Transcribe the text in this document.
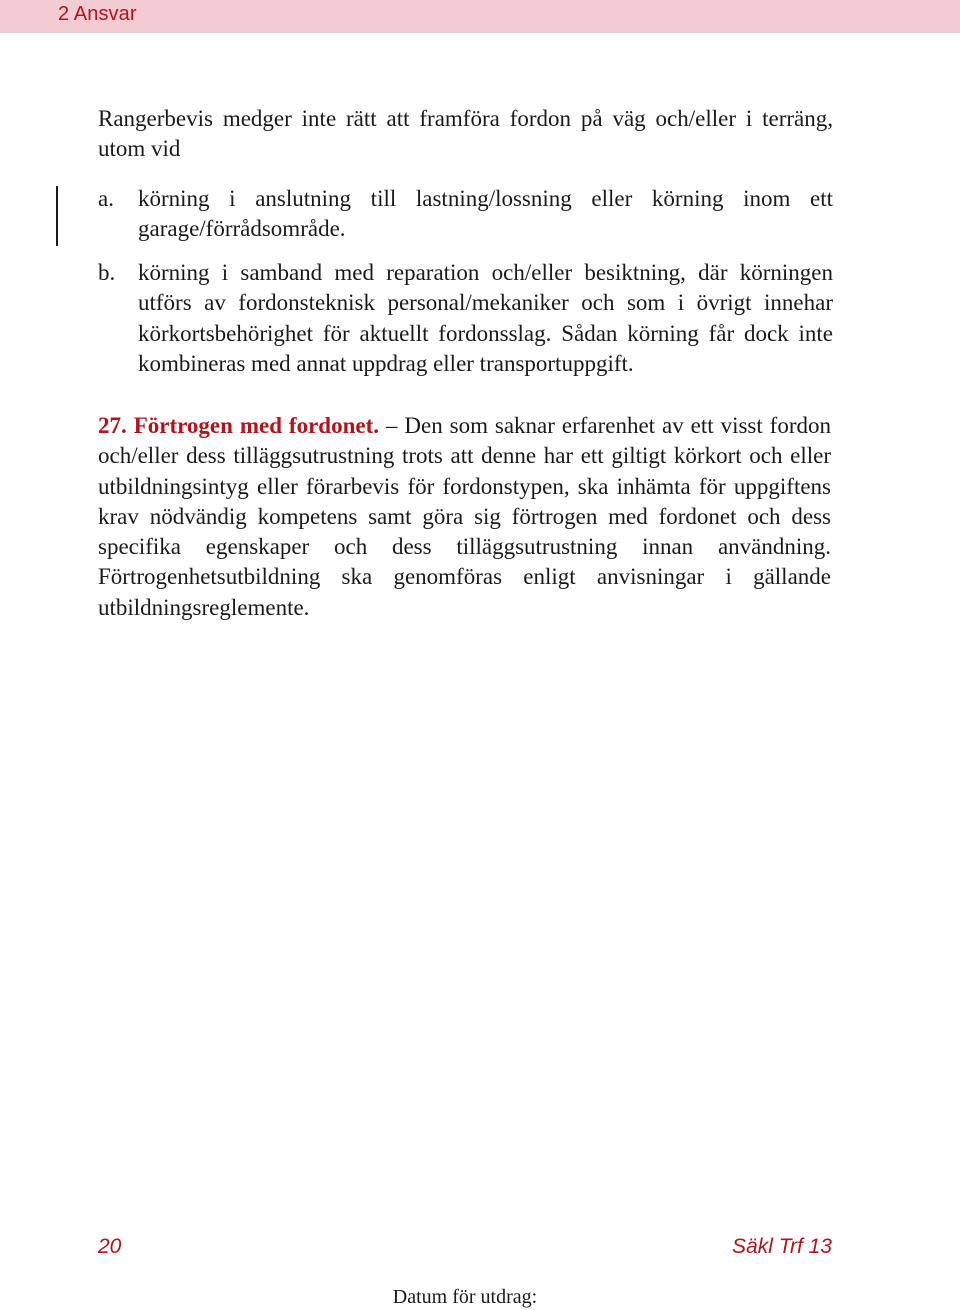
2 Ansvar

Rangerbevis medger inte rätt att framföra fordon på väg och/eller i terräng, utom vid

a.	körning i anslutning till lastning/lossning eller körning inom ett garage/förrådsområde.
b. körning i samband med reparation och/eller besiktning, där körningen utförs av fordonsteknisk personal/mekaniker och som i övrigt innehar körkortsbehörighet för aktuellt fordonsslag. Sådan körning får dock inte kombineras med annat uppdrag eller transportuppgift.

27. Förtrogen med fordonet. – Den som saknar erfarenhet av ett visst fordon och/eller dess tilläggsutrustning trots att denne har ett giltigt körkort och eller utbildningsintyg eller förarbevis för fordonstypen, ska inhämta för uppgiftens krav nödvändig kompetens samt göra sig förtrogen med fordonet och dess specifika egenskaper och dess tilläggsutrustning innan användning. Förtrogenhetsutbildning ska genomföras enligt anvisningar i gällande utbildningsreglemente.

20	Säkl Trf 13
Datum för utdrag:
